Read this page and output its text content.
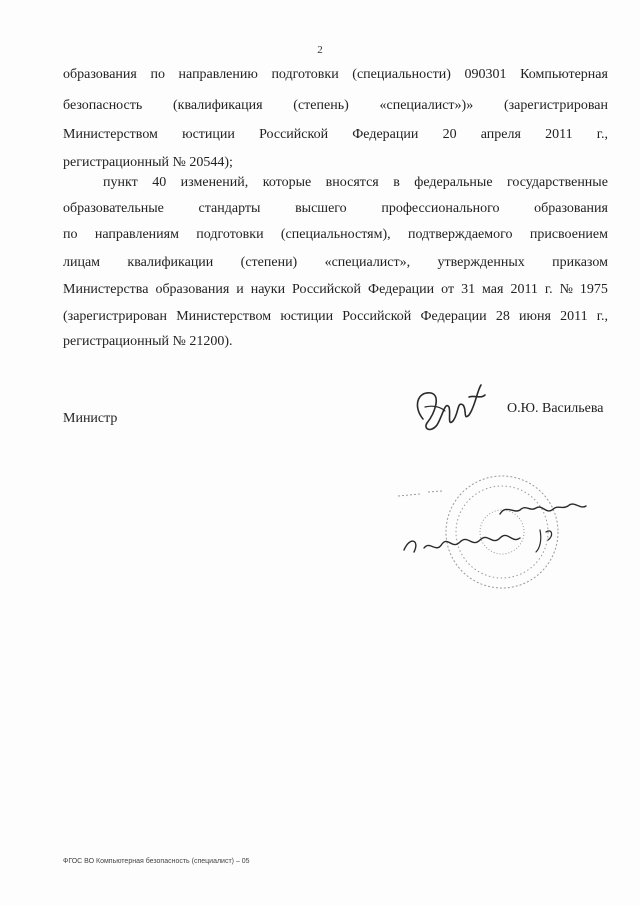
2
образования по направлению подготовки (специальности) 090301 Компьютерная
безопасность (квалификация (степень) «специалист»)» (зарегистрирован
Министерством юстиции Российской Федерации 20 апреля 2011 г.,
регистрационный № 20544);
пункт 40 изменений, которые вносятся в федеральные государственные
образовательные стандарты высшего профессионального образования
по направлениям подготовки (специальностям), подтверждаемого присвоением
лицам квалификации (степени) «специалист», утвержденных приказом
Министерства образования и науки Российской Федерации от 31 мая 2011 г. № 1975
(зарегистрирован Министерством юстиции Российской Федерации 28 июня 2011 г.,
регистрационный № 21200).
Министр
О.Ю. Васильева
ФГОС ВО Компьютерная безопасность (специалист) – 05
